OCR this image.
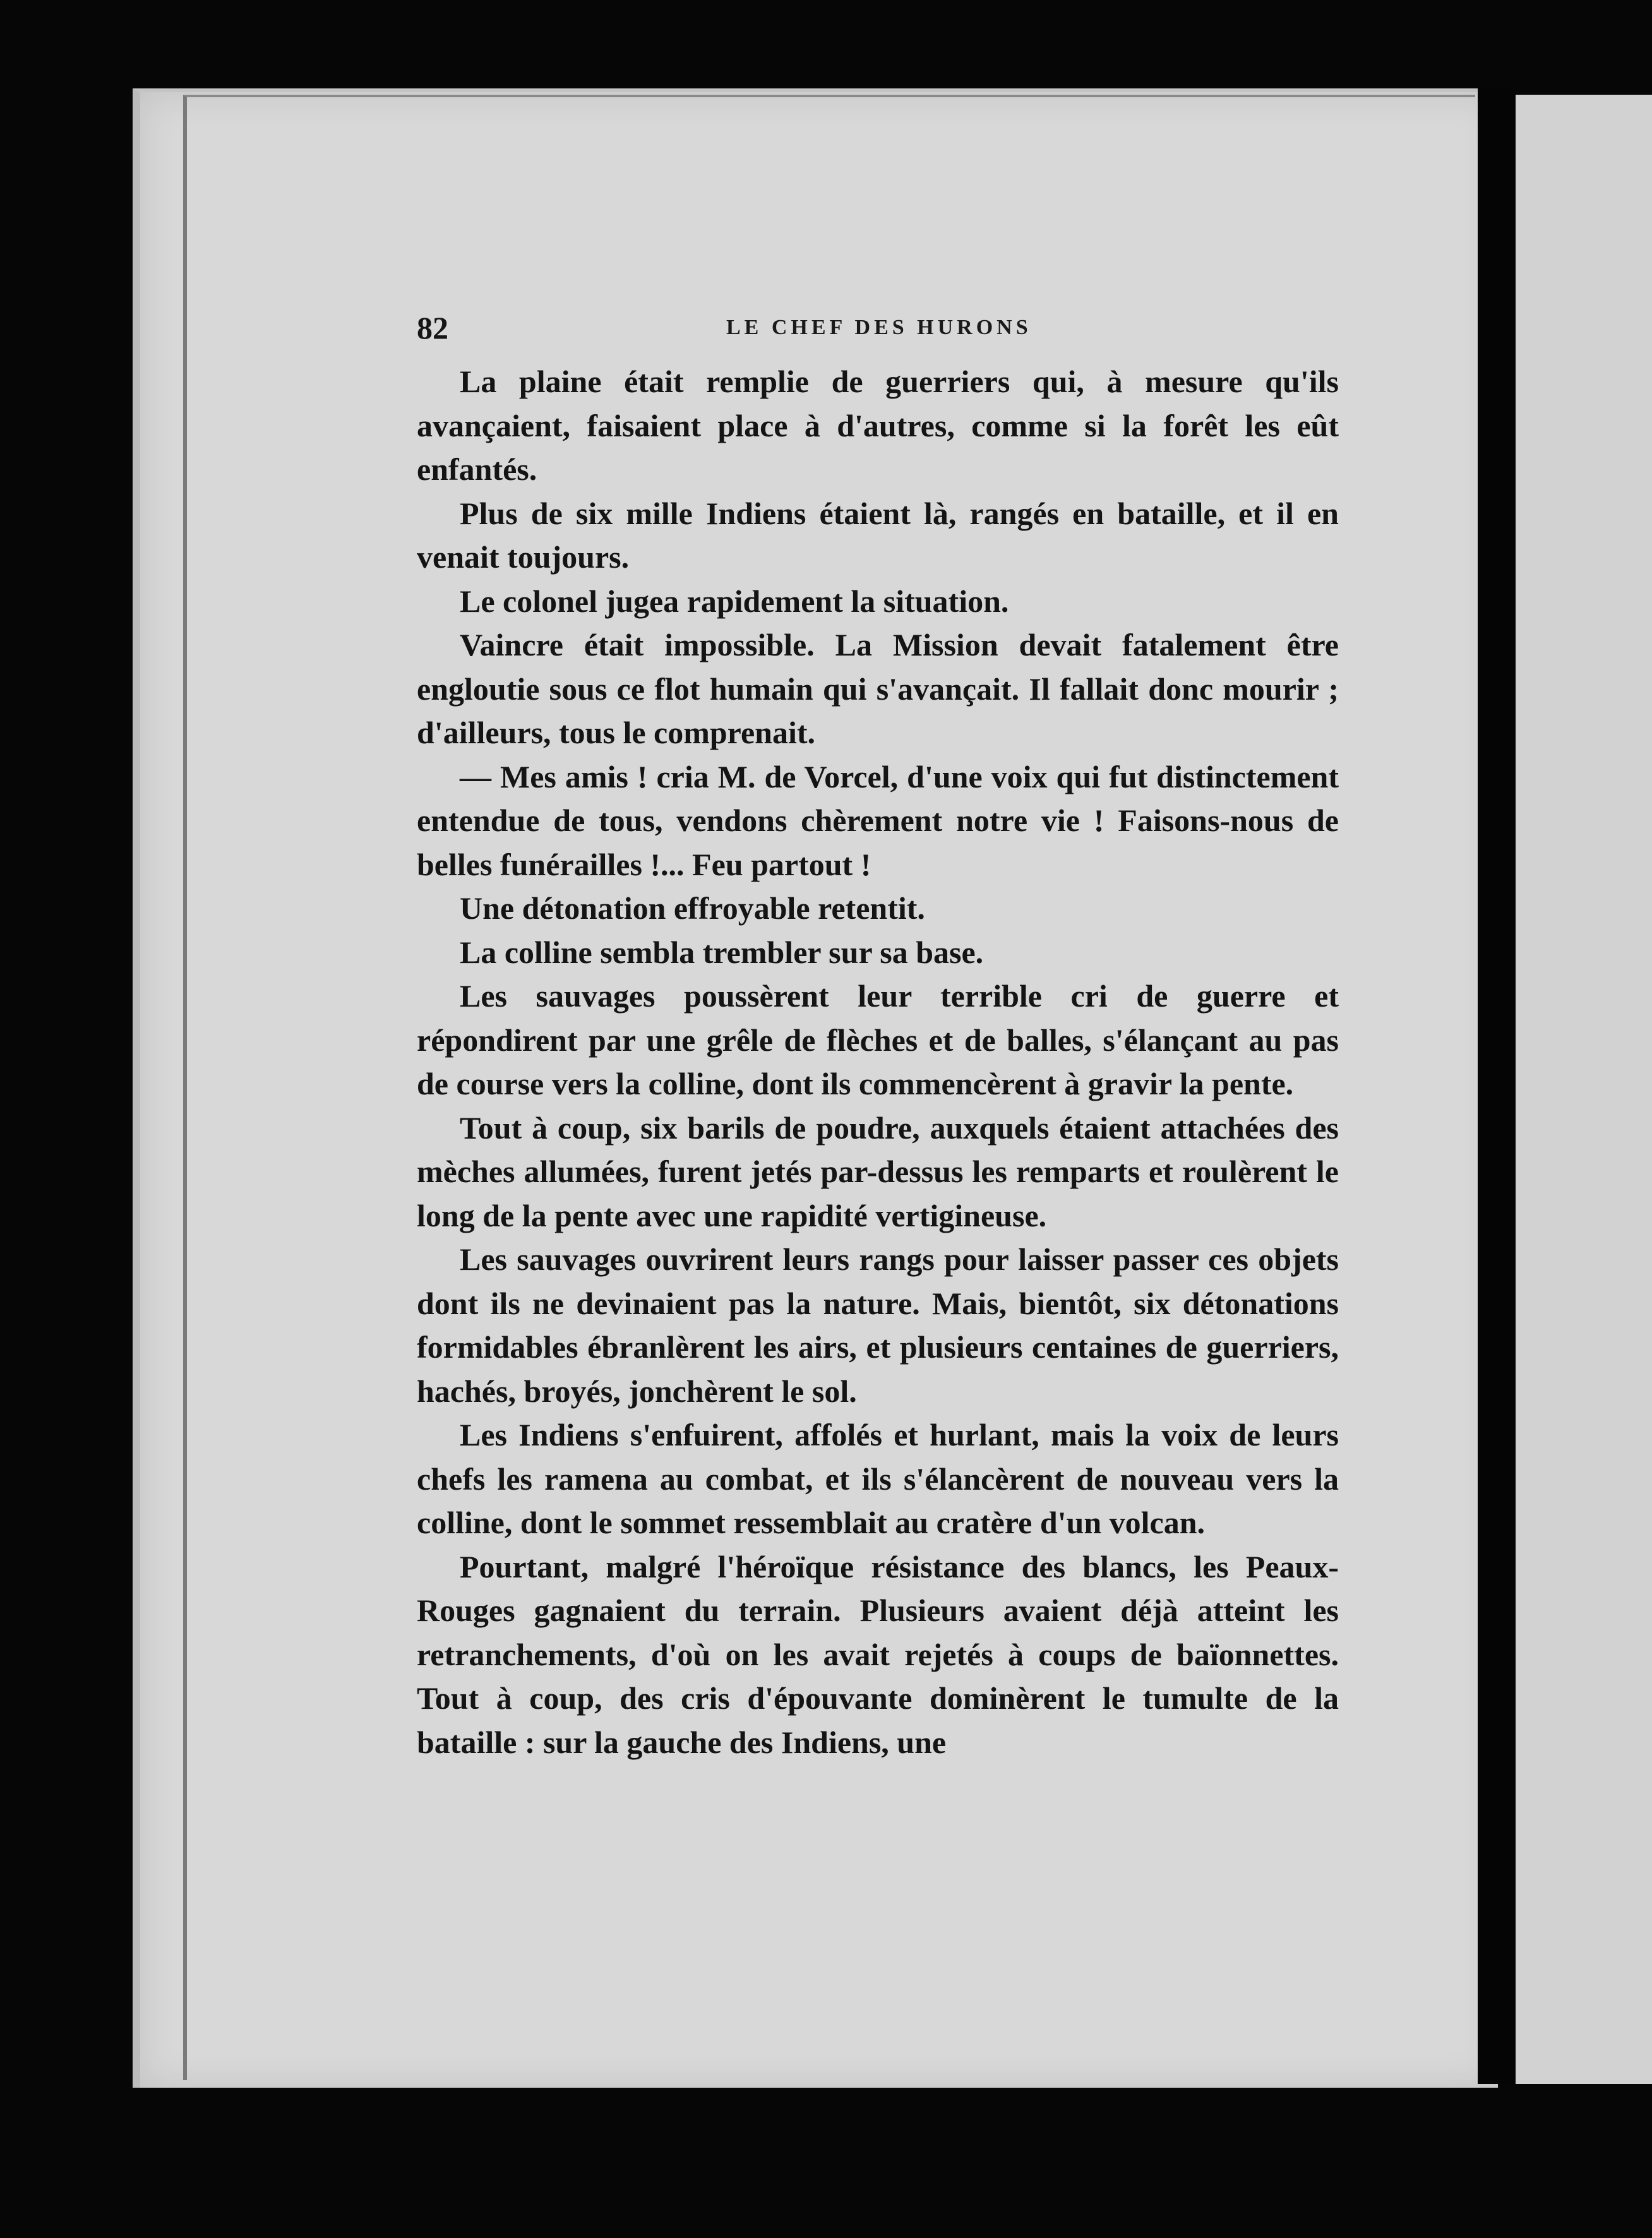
82	LE CHEF DES HURONS

La plaine était remplie de guerriers qui, à mesure qu'ils avançaient, faisaient place à d'autres, comme si la forêt les eût enfantés.

Plus de six mille Indiens étaient là, rangés en bataille, et il en venait toujours.

Le colonel jugea rapidement la situation.

Vaincre était impossible. La Mission devait fatalement être engloutie sous ce flot humain qui s'avançait. Il fallait donc mourir ; d'ailleurs, tous le comprenait.

— Mes amis ! cria M. de Vorcel, d'une voix qui fut distinctement entendue de tous, vendons chèrement notre vie ! Faisons-nous de belles funérailles !... Feu partout !

Une détonation effroyable retentit.

La colline sembla trembler sur sa base.

Les sauvages poussèrent leur terrible cri de guerre et répondirent par une grêle de flèches et de balles, s'élançant au pas de course vers la colline, dont ils commencèrent à gravir la pente.

Tout à coup, six barils de poudre, auxquels étaient attachées des mèches allumées, furent jetés par-dessus les remparts et roulèrent le long de la pente avec une rapidité vertigineuse.

Les sauvages ouvrirent leurs rangs pour laisser passer ces objets dont ils ne devinaient pas la nature. Mais, bientôt, six détonations formidables ébranlèrent les airs, et plusieurs centaines de guerriers, hachés, broyés, jonchèrent le sol.

Les Indiens s'enfuirent, affolés et hurlant, mais la voix de leurs chefs les ramena au combat, et ils s'élancèrent de nouveau vers la colline, dont le sommet ressemblait au cratère d'un volcan.

Pourtant, malgré l'héroïque résistance des blancs, les Peaux-Rouges gagnaient du terrain. Plusieurs avaient déjà atteint les retranchements, d'où on les avait rejetés à coups de baïonnettes. Tout à coup, des cris d'épouvante dominèrent le tumulte de la bataille : sur la gauche des Indiens, une
